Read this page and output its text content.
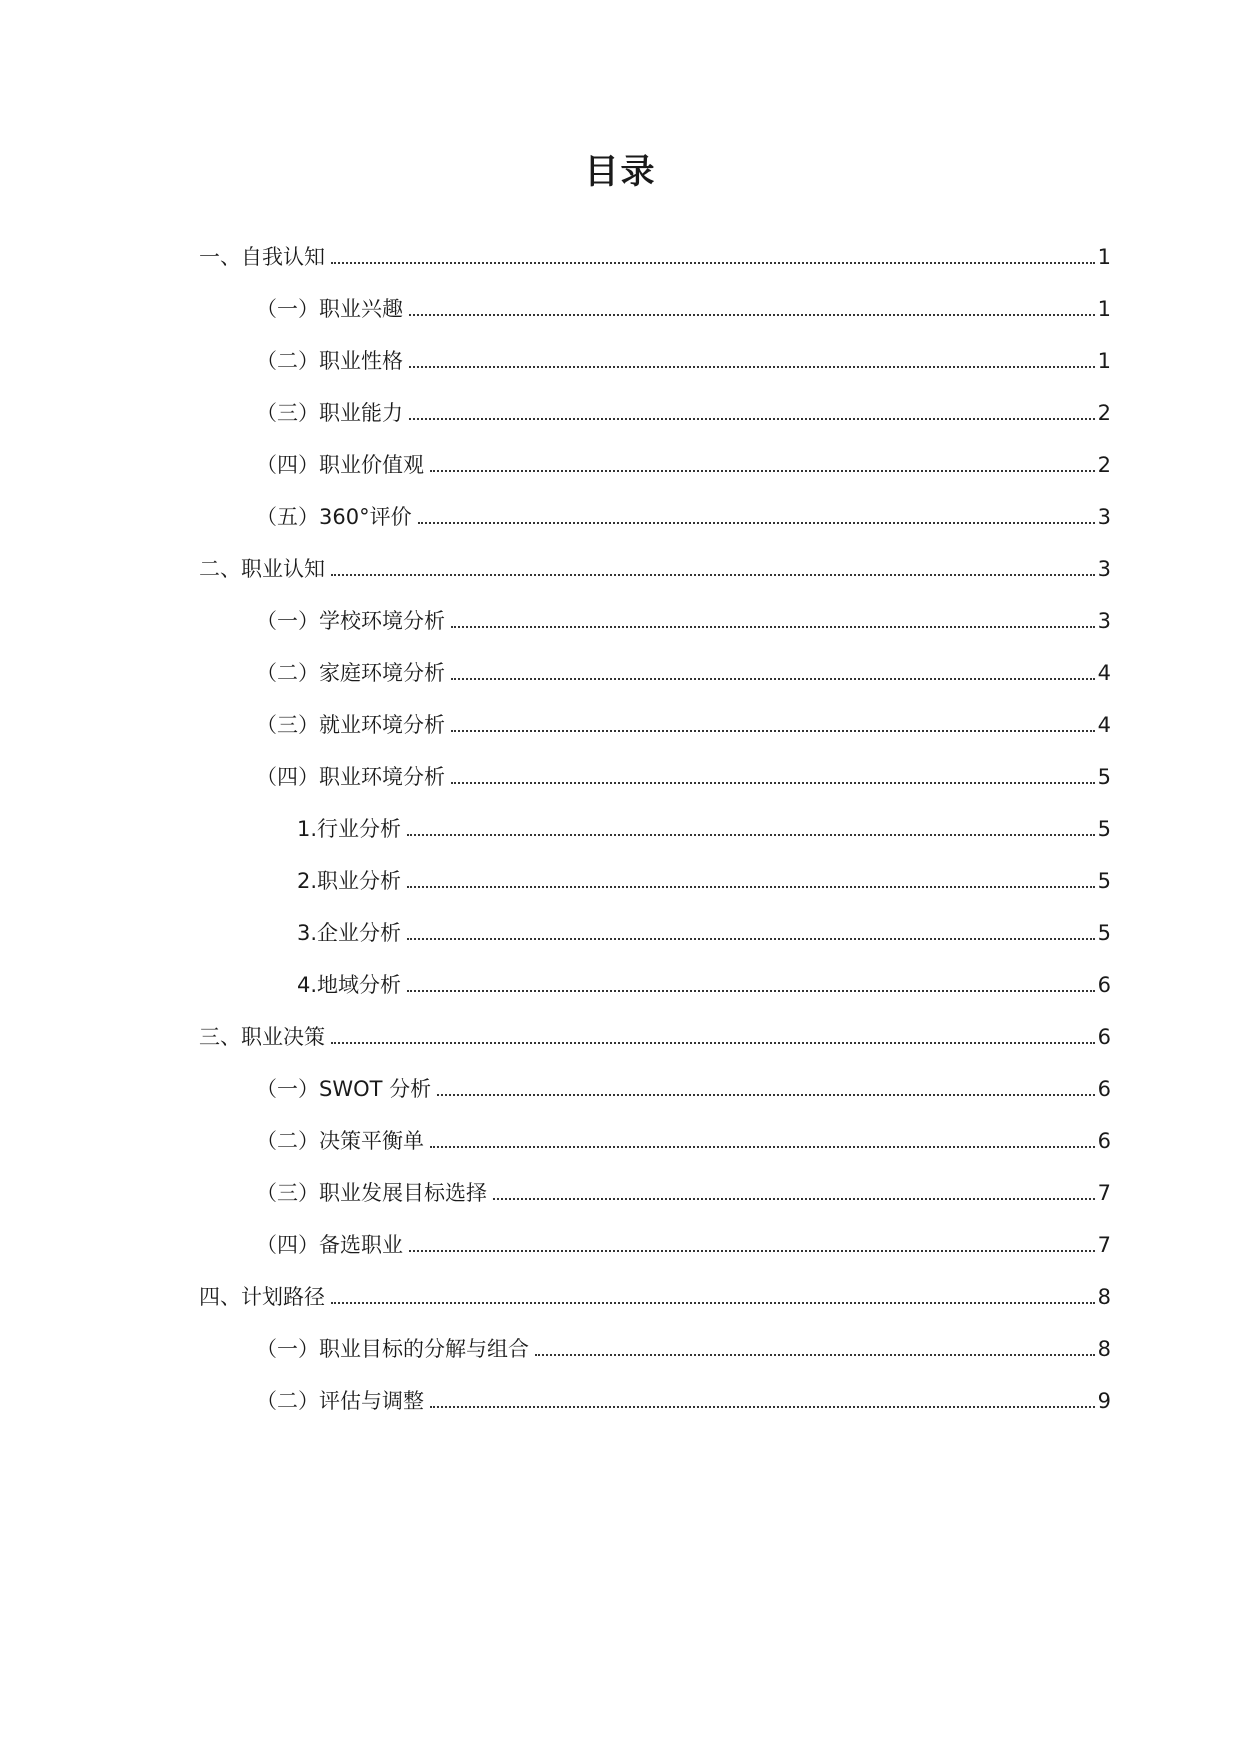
目录
一、自我认知	1
（一）职业兴趣	1
（二）职业性格	1
（三）职业能力	2
（四）职业价值观	2
（五）360°评价	3
二、职业认知	3
（一）学校环境分析	3
（二）家庭环境分析	4
（三）就业环境分析	4
（四）职业环境分析	5
1.行业分析	5
2.职业分析	5
3.企业分析	5
4.地域分析	6
三、职业决策	6
（一）SWOT 分析	6
（二）决策平衡单	6
（三）职业发展目标选择	7
（四）备选职业	7
四、计划路径	8
（一）职业目标的分解与组合	8
（二）评估与调整	9
